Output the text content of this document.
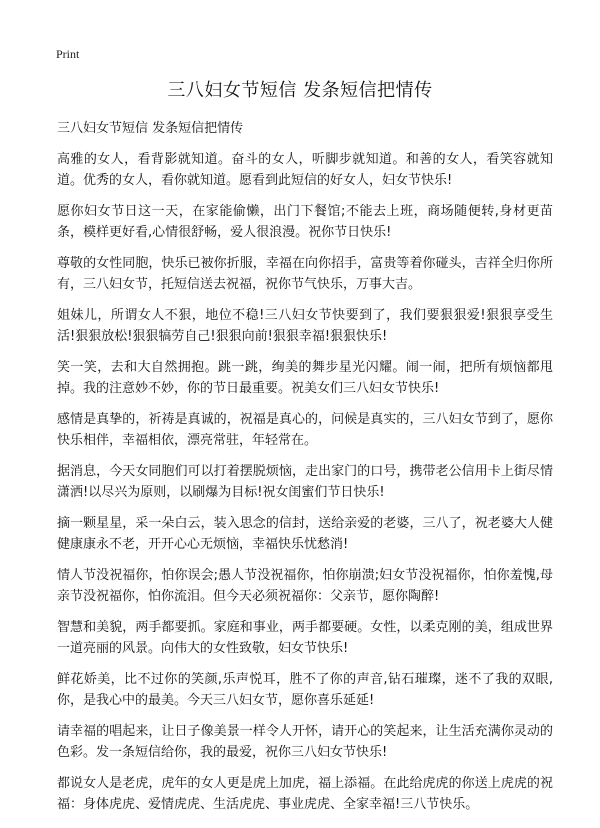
Print
三八妇女节短信 发条短信把情传
三八妇女节短信 发条短信把情传

高雅的女人，看背影就知道。奋斗的女人，听脚步就知道。和善的女人，看笑容就知道。优秀的女人，看你就知道。愿看到此短信的好女人，妇女节快乐!

愿你妇女节日这一天，在家能偷懒，出门下餐馆;不能去上班，商场随便转,身材更苗条，模样更好看,心情很舒畅，爱人很浪漫。祝你节日快乐!

尊敬的女性同胞，快乐已被你折服，幸福在向你招手，富贵等着你碰头，吉祥全归你所有，三八妇女节，托短信送去祝福，祝你节气快乐，万事大吉。

姐妹儿，所谓女人不狠，地位不稳!三八妇女节快要到了，我们要狠狠爱!狠狠享受生活!狠狠放松!狠狠犒劳自己!狠狠向前!狠狠幸福!狠狠快乐!

笑一笑，去和大自然拥抱。跳一跳，绚美的舞步星光闪耀。闹一闹，把所有烦恼都甩掉。我的注意妙不妙，你的节日最重要。祝美女们三八妇女节快乐!

感情是真挚的，祈祷是真诚的，祝福是真心的，问候是真实的，三八妇女节到了，愿你快乐相伴，幸福相依，漂亮常驻，年轻常在。

据消息，今天女同胞们可以打着摆脱烦恼，走出家门的口号，携带老公信用卡上街尽情潇洒!以尽兴为原则，以刷爆为目标!祝女闺蜜们节日快乐!

摘一颗星星，采一朵白云，装入思念的信封，送给亲爱的老婆，三八了，祝老婆大人健健康康永不老，开开心心无烦恼，幸福快乐忧愁消!

情人节没祝福你，怕你误会;愚人节没祝福你，怕你崩溃;妇女节没祝福你，怕你羞愧,母亲节没祝福你，怕你流泪。但今天必须祝福你：父亲节，愿你陶醉!

智慧和美貌，两手都要抓。家庭和事业，两手都要硬。女性，以柔克刚的美，组成世界一道亮丽的风景。向伟大的女性致敬，妇女节快乐!

鲜花娇美，比不过你的笑颜,乐声悦耳，胜不了你的声音,钻石璀璨，迷不了我的双眼,你，是我心中的最美。今天三八妇女节，愿你喜乐延延!

请幸福的唱起来，让日子像美景一样令人开怀，请开心的笑起来，让生活充满你灵动的色彩。发一条短信给你，我的最爱，祝你三八妇女节快乐!

都说女人是老虎，虎年的女人更是虎上加虎，福上添福。在此给虎虎的你送上虎虎的祝福：身体虎虎、爱情虎虎、生活虎虎、事业虎虎、全家幸福!三八节快乐。
